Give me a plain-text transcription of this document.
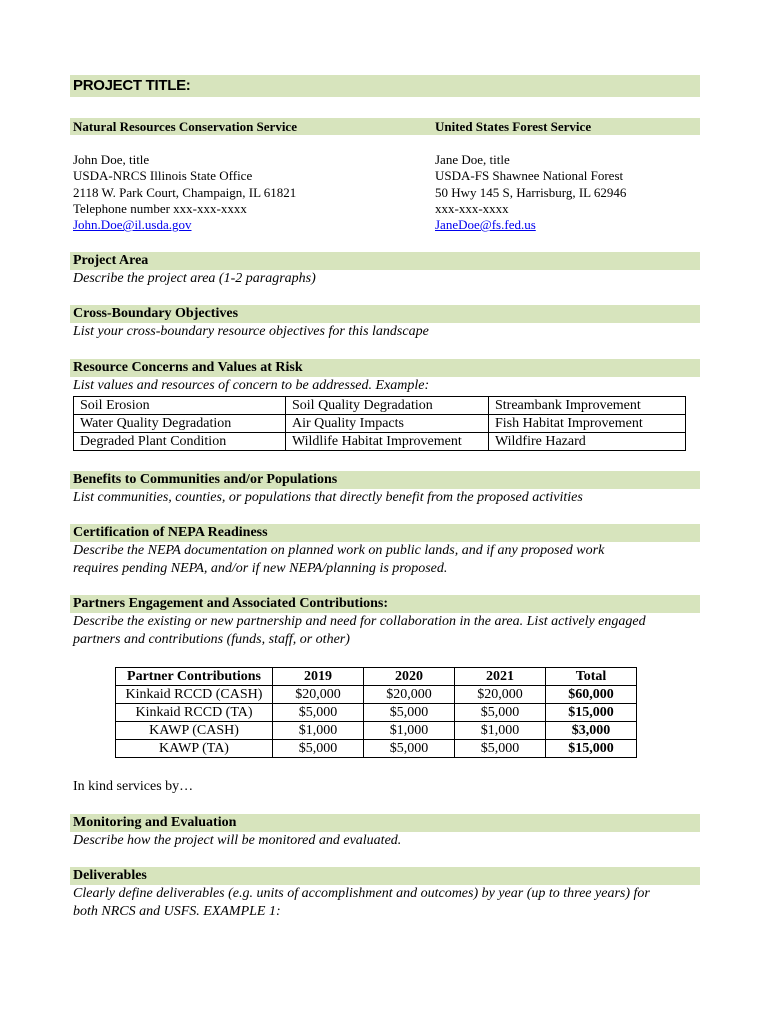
PROJECT TITLE:
Natural Resources Conservation Service	United States Forest Service
John Doe, title
USDA-NRCS Illinois State Office
2118 W. Park Court, Champaign, IL 61821
Telephone number xxx-xxx-xxxx
John.Doe@il.usda.gov
Jane Doe, title
USDA-FS Shawnee National Forest
50 Hwy 145 S, Harrisburg, IL 62946
xxx-xxx-xxxx
JaneDoe@fs.fed.us
Project Area
Describe the project area (1-2 paragraphs)
Cross-Boundary Objectives
List your cross-boundary resource objectives for this landscape
Resource Concerns and Values at Risk
List values and resources of concern to be addressed. Example:
Soil Erosion	Soil Quality Degradation	Streambank Improvement
Water Quality Degradation	Air Quality Impacts	Fish Habitat Improvement
Degraded Plant Condition	Wildlife Habitat Improvement	Wildfire Hazard
Benefits to Communities and/or Populations
List communities, counties, or populations that directly benefit from the proposed activities
Certification of NEPA Readiness
Describe the NEPA documentation on planned work on public lands, and if any proposed work
requires pending NEPA, and/or if new NEPA/planning is proposed.
Partners Engagement and Associated Contributions:
Describe the existing or new partnership and need for collaboration in the area. List actively engaged
partners and contributions (funds, staff, or other)
Partner Contributions	2019	2020	2021	Total
Kinkaid RCCD (CASH)	$20,000	$20,000	$20,000	$60,000
Kinkaid RCCD (TA)	$5,000	$5,000	$5,000	$15,000
KAWP (CASH)	$1,000	$1,000	$1,000	$3,000
KAWP (TA)	$5,000	$5,000	$5,000	$15,000
In kind services by…
Monitoring and Evaluation
Describe how the project will be monitored and evaluated.
Deliverables
Clearly define deliverables (e.g. units of accomplishment and outcomes) by year (up to three years) for
both NRCS and USFS. EXAMPLE 1:
